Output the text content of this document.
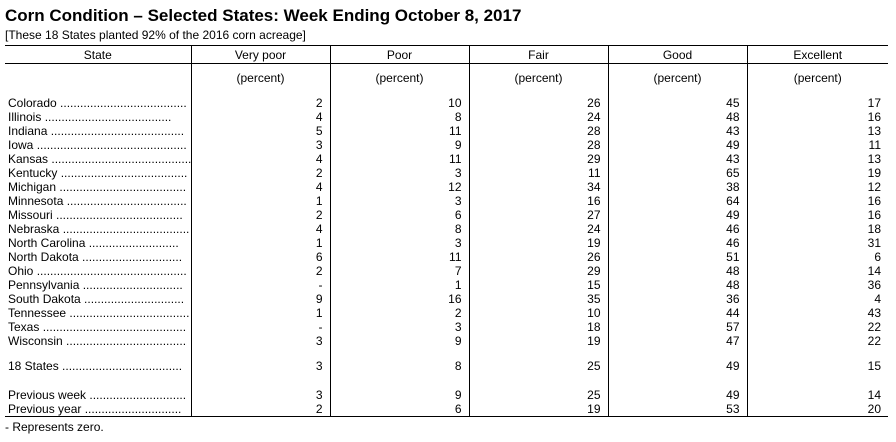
Corn Condition – Selected States: Week Ending October 8, 2017
[These 18 States planted 92% of the 2016 corn acreage]
State	Very poor	Poor	Fair	Good	Excellent
	(percent)	(percent)	(percent)	(percent)	(percent)

Colorado ......................................	2	10	26	45	17
Illinois ......................................	4	8	24	48	16
Indiana ........................................	5	11	28	43	13
Iowa .............................................	3	9	28	49	11
Kansas ..........................................	4	11	29	43	13
Kentucky ......................................	2	3	11	65	19
Michigan ......................................	4	12	34	38	12
Minnesota ....................................	1	3	16	64	16
Missouri ......................................	2	6	27	49	16
Nebraska ......................................	4	8	24	46	18
North Carolina ...........................	1	3	19	46	31
North Dakota ..............................	6	11	26	51	6
Ohio .............................................	2	7	29	48	14
Pennsylvania ..............................	-	1	15	48	36
South Dakota ..............................	9	16	35	36	4
Tennessee ....................................	1	2	10	44	43
Texas ...........................................	-	3	18	57	22
Wisconsin ....................................	3	9	19	47	22

18 States ....................................	3	8	25	49	15

Previous week .............................	3	9	25	49	14
Previous year .............................	2	6	19	53	20
- Represents zero.
